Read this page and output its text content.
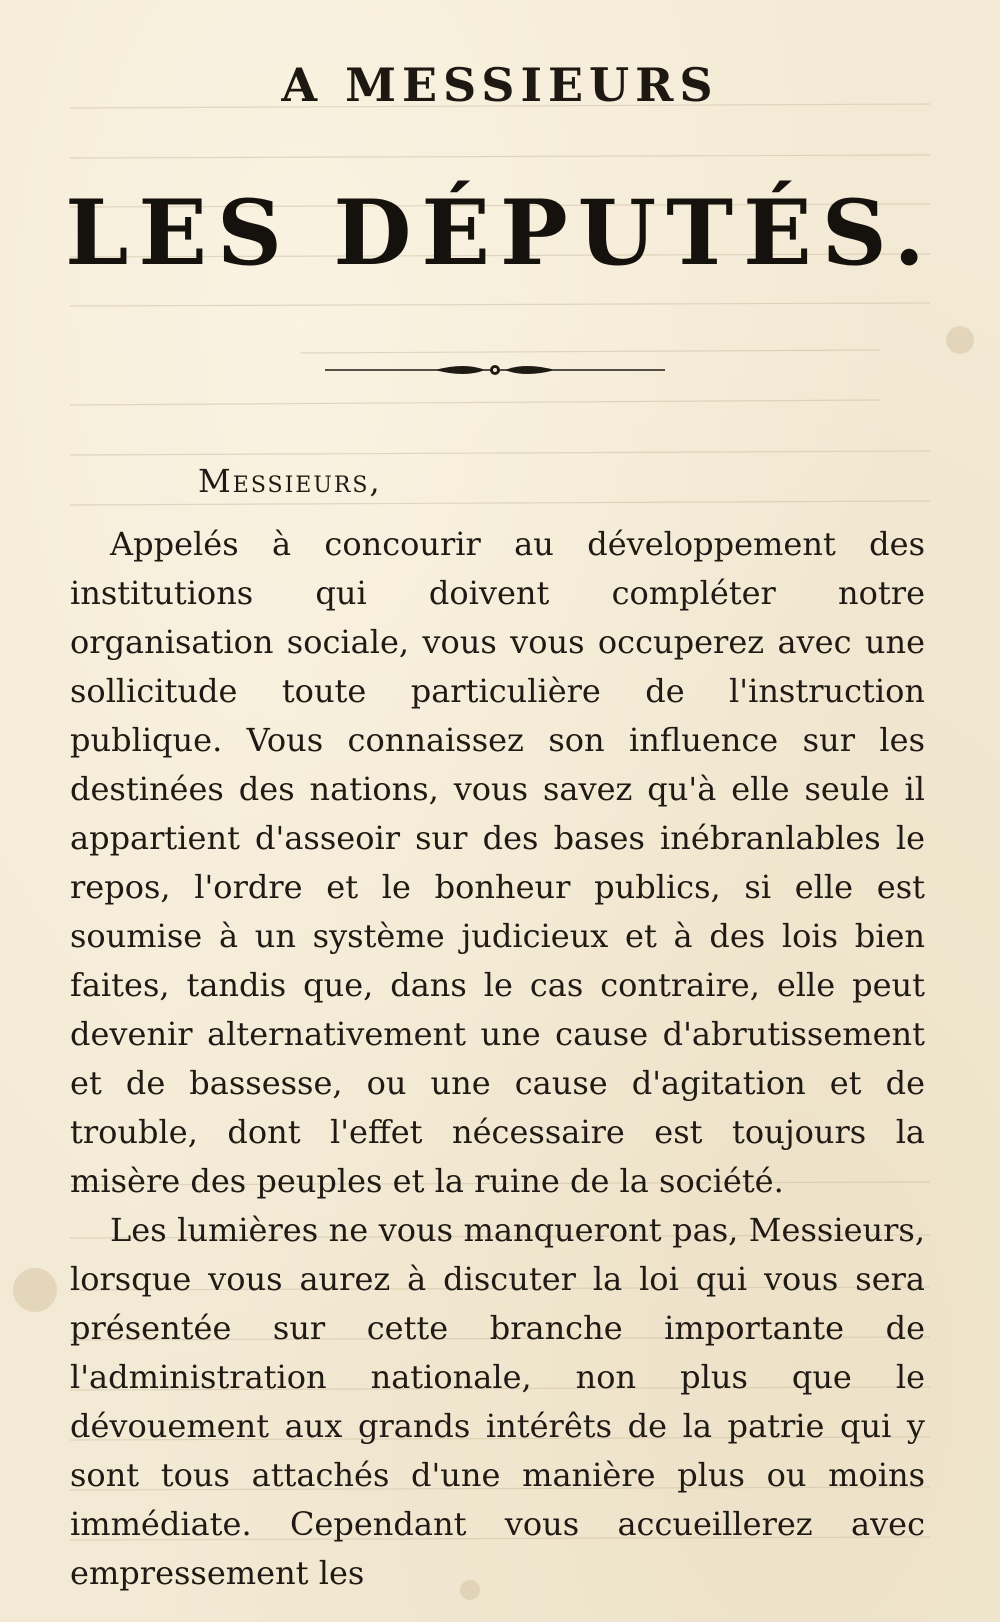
A MESSIEURS
LES DÉPUTÉS.
Messieurs,

Appelés à concourir au développement des institutions qui doivent compléter notre organisation sociale, vous vous occuperez avec une sollicitude toute particulière de l'instruction publique. Vous connaissez son influence sur les destinées des nations, vous savez qu'à elle seule il appartient d'asseoir sur des bases inébranlables le repos, l'ordre et le bonheur publics, si elle est soumise à un système judicieux et à des lois bien faites, tandis que, dans le cas contraire, elle peut devenir alternativement une cause d'abrutissement et de bassesse, ou une cause d'agitation et de trouble, dont l'effet nécessaire est toujours la misère des peuples et la ruine de la société.

Les lumières ne vous manqueront pas, Messieurs, lorsque vous aurez à discuter la loi qui vous sera présentée sur cette branche importante de l'administration nationale, non plus que le dévouement aux grands intérêts de la patrie qui y sont tous attachés d'une manière plus ou moins immédiate. Cependant vous accueillerez avec empressement les
